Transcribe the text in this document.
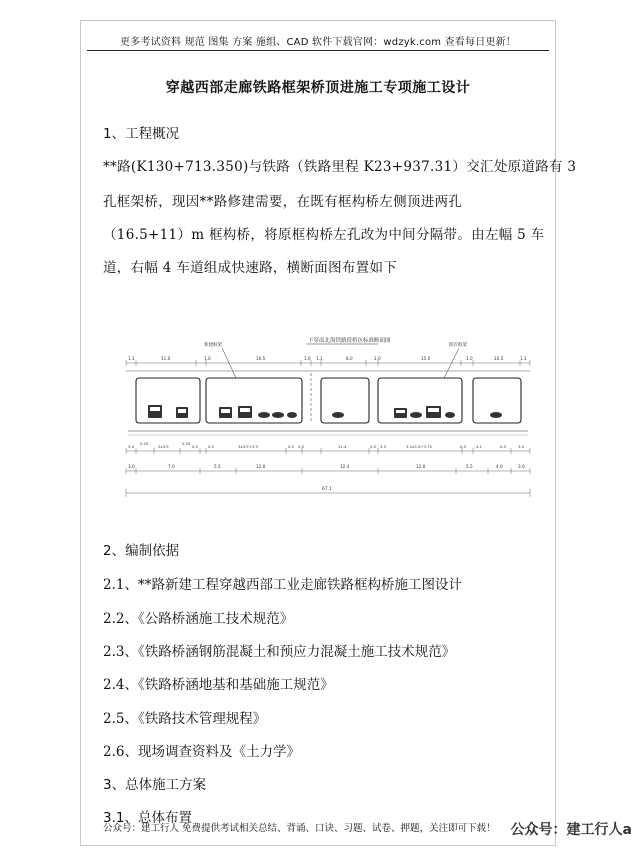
更多考试资料 规范 图集 方案 施组、CAD 软件下载官网：wdzyk.com 查看每日更新！
穿越西部走廊铁路框架桥顶进施工专项施工设计
1、工程概况
**路(K130+713.350)与铁路（铁路里程 K23+937.31）交汇处原道路有 3
孔框架桥，现因**路修建需要，在既有框构桥左侧顶进两孔
（16.5+11）m 框构桥，将原框构桥左孔改为中间分隔带。由左幅 5 车
道，右幅 4 车道组成快速路，横断面图布置如下
下穿南北海铁路段桥区标准断面图
新建框架	既有框架
1.1	11.0	1.0	10.5	1.0 1.1	8.0	1.0	15.0	1.0	10.5	1.1
3.0
0.25
2x3.5
0.25
0.5	0.5	3x3.5+3.5	0.5 0.5	11.4	0.5 3.5	3.1x3.5+3.75	0.5	4.1	0.5	3.0
3.0	7.0	5.5	12.0	12.4	12.0	5.5	4.0	3.0
67.1
2、编制依据
2.1、**路新建工程穿越西部工业走廊铁路框构桥施工图设计
2.2、《公路桥涵施工技术规范》
2.3、《铁路桥涵钢筋混凝土和预应力混凝土施工技术规范》
2.4、《铁路桥涵地基和基础施工规范》
2.5、《铁路技术管理规程》
2.6、现场调查资料及《土力学》
3、总体施工方案
3.1、总体布置
公众号：建工行人 免费提供考试相关总结、背诵、口诀、习题、试卷、押题，关注即可下载！ 公众号：建工行人a
